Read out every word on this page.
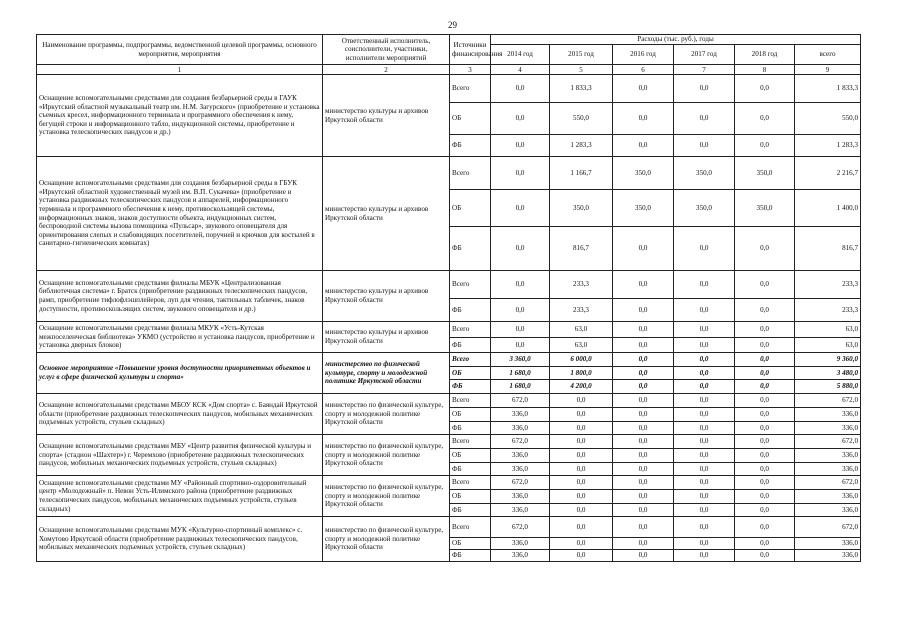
29
Наименование программы, подпрограммы, ведомственной целевой программы, основного мероприятия, мероприятия	Ответственный исполнитель, соисполнители, участники, исполнители мероприятий	Источники финансирования	Расходы (тыс. руб.), годы					
			2014 год	2015 год	2016 год	2017 год	2018 год	всего
1	2	3	4	5	6	7	8	9
Оснащение вспомогательными средствами для создания безбарьерной среды в ГАУК «Иркутский областной музыкальный театр им. Н.М. Загурского» (приобретение и установка съемных кресел, информационного терминала и программного обеспечения к нему, бегущей строки и информационного табло, индукционной системы, приобретение и установка телескопических пандусов и др.)	министерство культуры и архивов Иркутской области	Всего	0,0	1 833,3	0,0	0,0	0,0	1 833,3
		ОБ	0,0	550,0	0,0	0,0	0,0	550,0
		ФБ	0,0	1 283,3	0,0	0,0	0,0	1 283,3
Оснащение вспомогательными средствами для создания безбарьерной среды в ГБУК «Иркутский областной художественный музей им. В.П. Сукачева» (приобретение и установка раздвижных телескопических пандусов и аппарелей, информационного терминала и программного обеспечения к нему, противоскользящей системы, информационных знаков, знаков доступности объекта, индукционных систем, беспроводной системы вызова помощника «Пульсар», звукового оповещателя для ориентирования слепых и слабовидящих посетителей, поручней и крючков для костылей в санитарно-гигиенических комнатах)	министерство культуры и архивов Иркутской области	Всего	0,0	1 166,7	350,0	350,0	350,0	2 216,7
		ОБ	0,0	350,0	350,0	350,0	350,0	1 400,0
		ФБ	0,0	816,7	0,0	0,0	0,0	816,7
Оснащение вспомогательными средствами филиалы МБУК «Централизованная библиотечная система» г. Братск (приобретение раздвижных телескопических пандусов, рамп, приобретение тифлофлэшплейеров, луп для чтения, тактильных табличек, знаков доступности, противоскользящих систем, звукового оповещателя и др.)	министерство культуры и архивов Иркутской области	Всего	0,0	233,3	0,0	0,0	0,0	233,3
		ФБ	0,0	233,3	0,0	0,0	0,0	233,3
Оснащение вспомогательными средствами филиала МКУК «Усть-Кутская межпоселенческая библиотека» УКМО (устройство и установка пандусов, приобретение и установка дверных блоков)	министерство культуры и архивов Иркутской области	Всего	0,0	63,0	0,0	0,0	0,0	63,0
		ФБ	0,0	63,0	0,0	0,0	0,0	63,0
Основное мероприятие «Повышение уровня доступности приоритетных объектов и услуг в сфере физической культуры и спорта»	министерство по физической культуре, спорту и молодежной политике Иркутской области	Всего	3 360,0	6 000,0	0,0	0,0	0,0	9 360,0
		ОБ	1 680,0	1 800,0	0,0	0,0	0,0	3 480,0
		ФБ	1 680,0	4 200,0	0,0	0,0	0,0	5 880,0
Оснащение вспомогательными средствами МБОУ КСК «Дом спорта» с. Баяндай Иркутской области (приобретение раздвижных телескопических пандусов, мобильных механических подъемных устройств, стульев складных)	министерство по физической культуре, спорту и молодежной политике Иркутской области	Всего	672,0	0,0	0,0	0,0	0,0	672,0
		ОБ	336,0	0,0	0,0	0,0	0,0	336,0
		ФБ	336,0	0,0	0,0	0,0	0,0	336,0
Оснащение вспомогательными средствами МБУ «Центр развития физической культуры и спорта» (стадион «Шахтер») г. Черемхово (приобретение раздвижных телескопических пандусов, мобильных механических подъемных устройств, стульев складных)	министерство по физической культуре, спорту и молодежной политике Иркутской области	Всего	672,0	0,0	0,0	0,0	0,0	672,0
		ОБ	336,0	0,0	0,0	0,0	0,0	336,0
		ФБ	336,0	0,0	0,0	0,0	0,0	336,0
Оснащение вспомогательными средствами МУ «Районный спортивно-оздоровительный центр «Молодежный» п. Невон Усть-Илимского района (приобретение раздвижных телескопических пандусов, мобильных механических подъемных устройств, стульев складных)	министерство по физической культуре, спорту и молодежной политике Иркутской области	Всего	672,0	0,0	0,0	0,0	0,0	672,0
		ОБ	336,0	0,0	0,0	0,0	0,0	336,0
		ФБ	336,0	0,0	0,0	0,0	0,0	336,0
Оснащение вспомогательными средствами МУК «Культурно-спортивный комплекс» с. Хомутово Иркутской области (приобретение раздвижных телескопических пандусов, мобильных механических подъемных устройств, стульев складных)	министерство по физической культуре, спорту и молодежной политике Иркутской области	Всего	672,0	0,0	0,0	0,0	0,0	672,0
		ОБ	336,0	0,0	0,0	0,0	0,0	336,0
		ФБ	336,0	0,0	0,0	0,0	0,0	336,0
